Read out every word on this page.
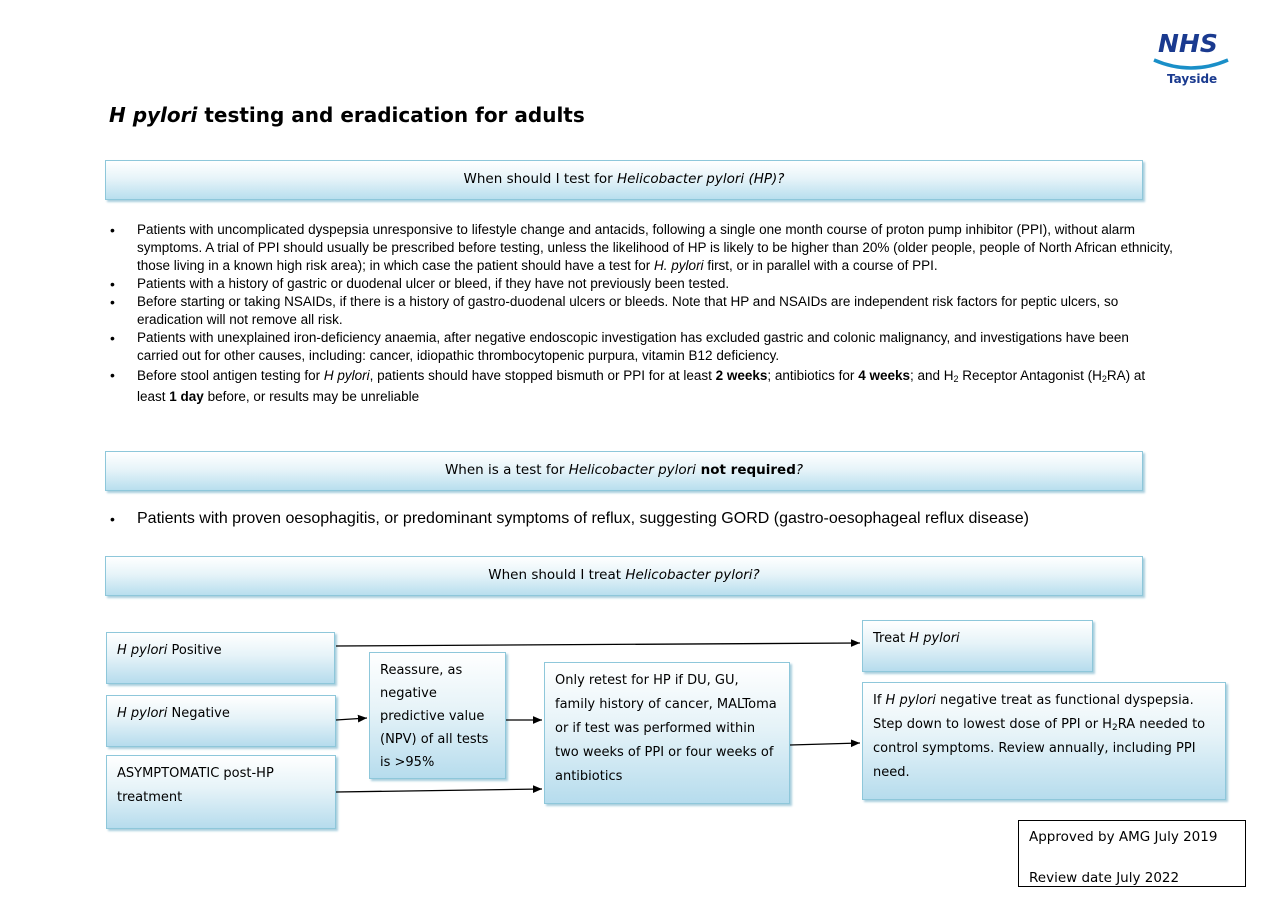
NHS
Tayside
H pylori testing and eradication for adults
When should I test for Helicobacter pylori (HP)?
• Patients with uncomplicated dyspepsia unresponsive to lifestyle change and antacids, following a single one month course of proton pump inhibitor (PPI), without alarm symptoms. A trial of PPI should usually be prescribed before testing, unless the likelihood of HP is likely to be higher than 20% (older people, people of North African ethnicity, those living in a known high risk area); in which case the patient should have a test for H. pylori first, or in parallel with a course of PPI.
• Patients with a history of gastric or duodenal ulcer or bleed, if they have not previously been tested.
• Before starting or taking NSAIDs, if there is a history of gastro-duodenal ulcers or bleeds. Note that HP and NSAIDs are independent risk factors for peptic ulcers, so eradication will not remove all risk.
• Patients with unexplained iron-deficiency anaemia, after negative endoscopic investigation has excluded gastric and colonic malignancy, and investigations have been carried out for other causes, including: cancer, idiopathic thrombocytopenic purpura, vitamin B12 deficiency.
• Before stool antigen testing for H pylori, patients should have stopped bismuth or PPI for at least 2 weeks; antibiotics for 4 weeks; and $H_2$ Receptor Antagonist $(H_2RA)$ at least 1 day before, or results may be unreliable
When is a test for Helicobacter pylori not required?
• Patients with proven oesophagitis, or predominant symptoms of reflux, suggesting GORD (gastro-oesophageal reflux disease)
When should I treat Helicobacter pylori?
H pylori Positive
H pylori Negative
ASYMPTOMATIC post-HP treatment
Reassure, as negative predictive value (NPV) of all tests is >95%
Only retest for HP if DU, GU, family history of cancer, MALToma or if test was performed within two weeks of PPI or four weeks of antibiotics
Treat H pylori
If H pylori negative treat as functional dyspepsia. Step down to lowest dose of PPI or $H_2RA$ needed to control symptoms. Review annually, including PPI need.
Approved by AMG July 2019
Review date July 2022
